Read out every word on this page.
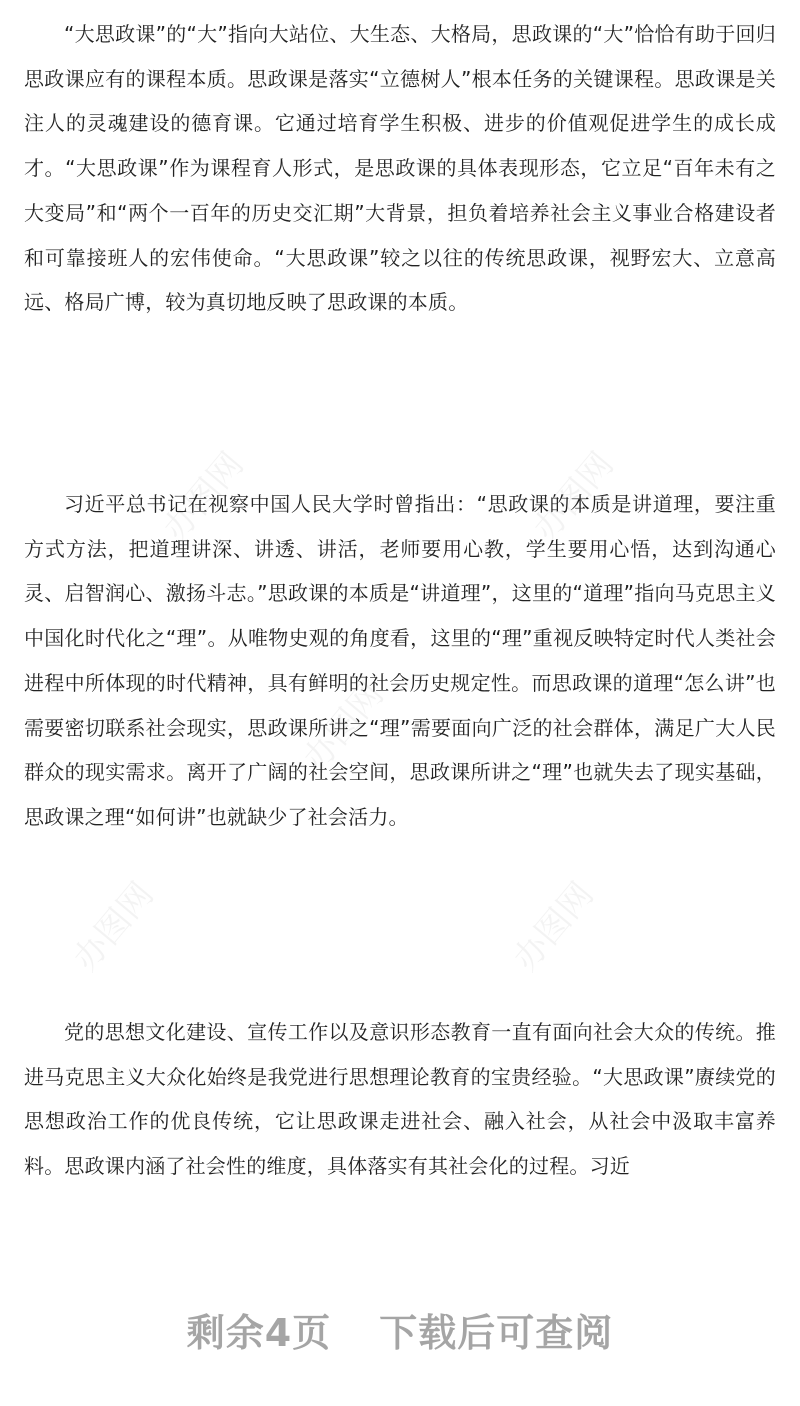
“大思政课”的“大”指向大站位、大生态、大格局，思政课的“大”恰恰有助于回归思政课应有的课程本质。思政课是落实“立德树人”根本任务的关键课程。思政课是关注人的灵魂建设的德育课。它通过培育学生积极、进步的价值观促进学生的成长成才。“大思政课”作为课程育人形式，是思政课的具体表现形态，它立足“百年未有之大变局”和“两个一百年的历史交汇期”大背景，担负着培养社会主义事业合格建设者和可靠接班人的宏伟使命。“大思政课”较之以往的传统思政课，视野宏大、立意高远、格局广博，较为真切地反映了思政课的本质。

习近平总书记在视察中国人民大学时曾指出：“思政课的本质是讲道理，要注重方式方法，把道理讲深、讲透、讲活，老师要用心教，学生要用心悟，达到沟通心灵、启智润心、激扬斗志。”思政课的本质是“讲道理”，这里的“道理”指向马克思主义中国化时代化之“理”。从唯物史观的角度看，这里的“理”重视反映特定时代人类社会进程中所体现的时代精神，具有鲜明的社会历史规定性。而思政课的道理“怎么讲”也需要密切联系社会现实，思政课所讲之“理”需要面向广泛的社会群体，满足广大人民群众的现实需求。离开了广阔的社会空间，思政课所讲之“理”也就失去了现实基础，思政课之理“如何讲”也就缺少了社会活力。

党的思想文化建设、宣传工作以及意识形态教育一直有面向社会大众的传统。推进马克思主义大众化始终是我党进行思想理论教育的宝贵经验。“大思政课”赓续党的思想政治工作的优良传统，它让思政课走进社会、融入社会，从社会中汲取丰富养料。思政课内涵了社会性的维度，具体落实有其社会化的过程。习近

剩余4页 下载后可查阅
